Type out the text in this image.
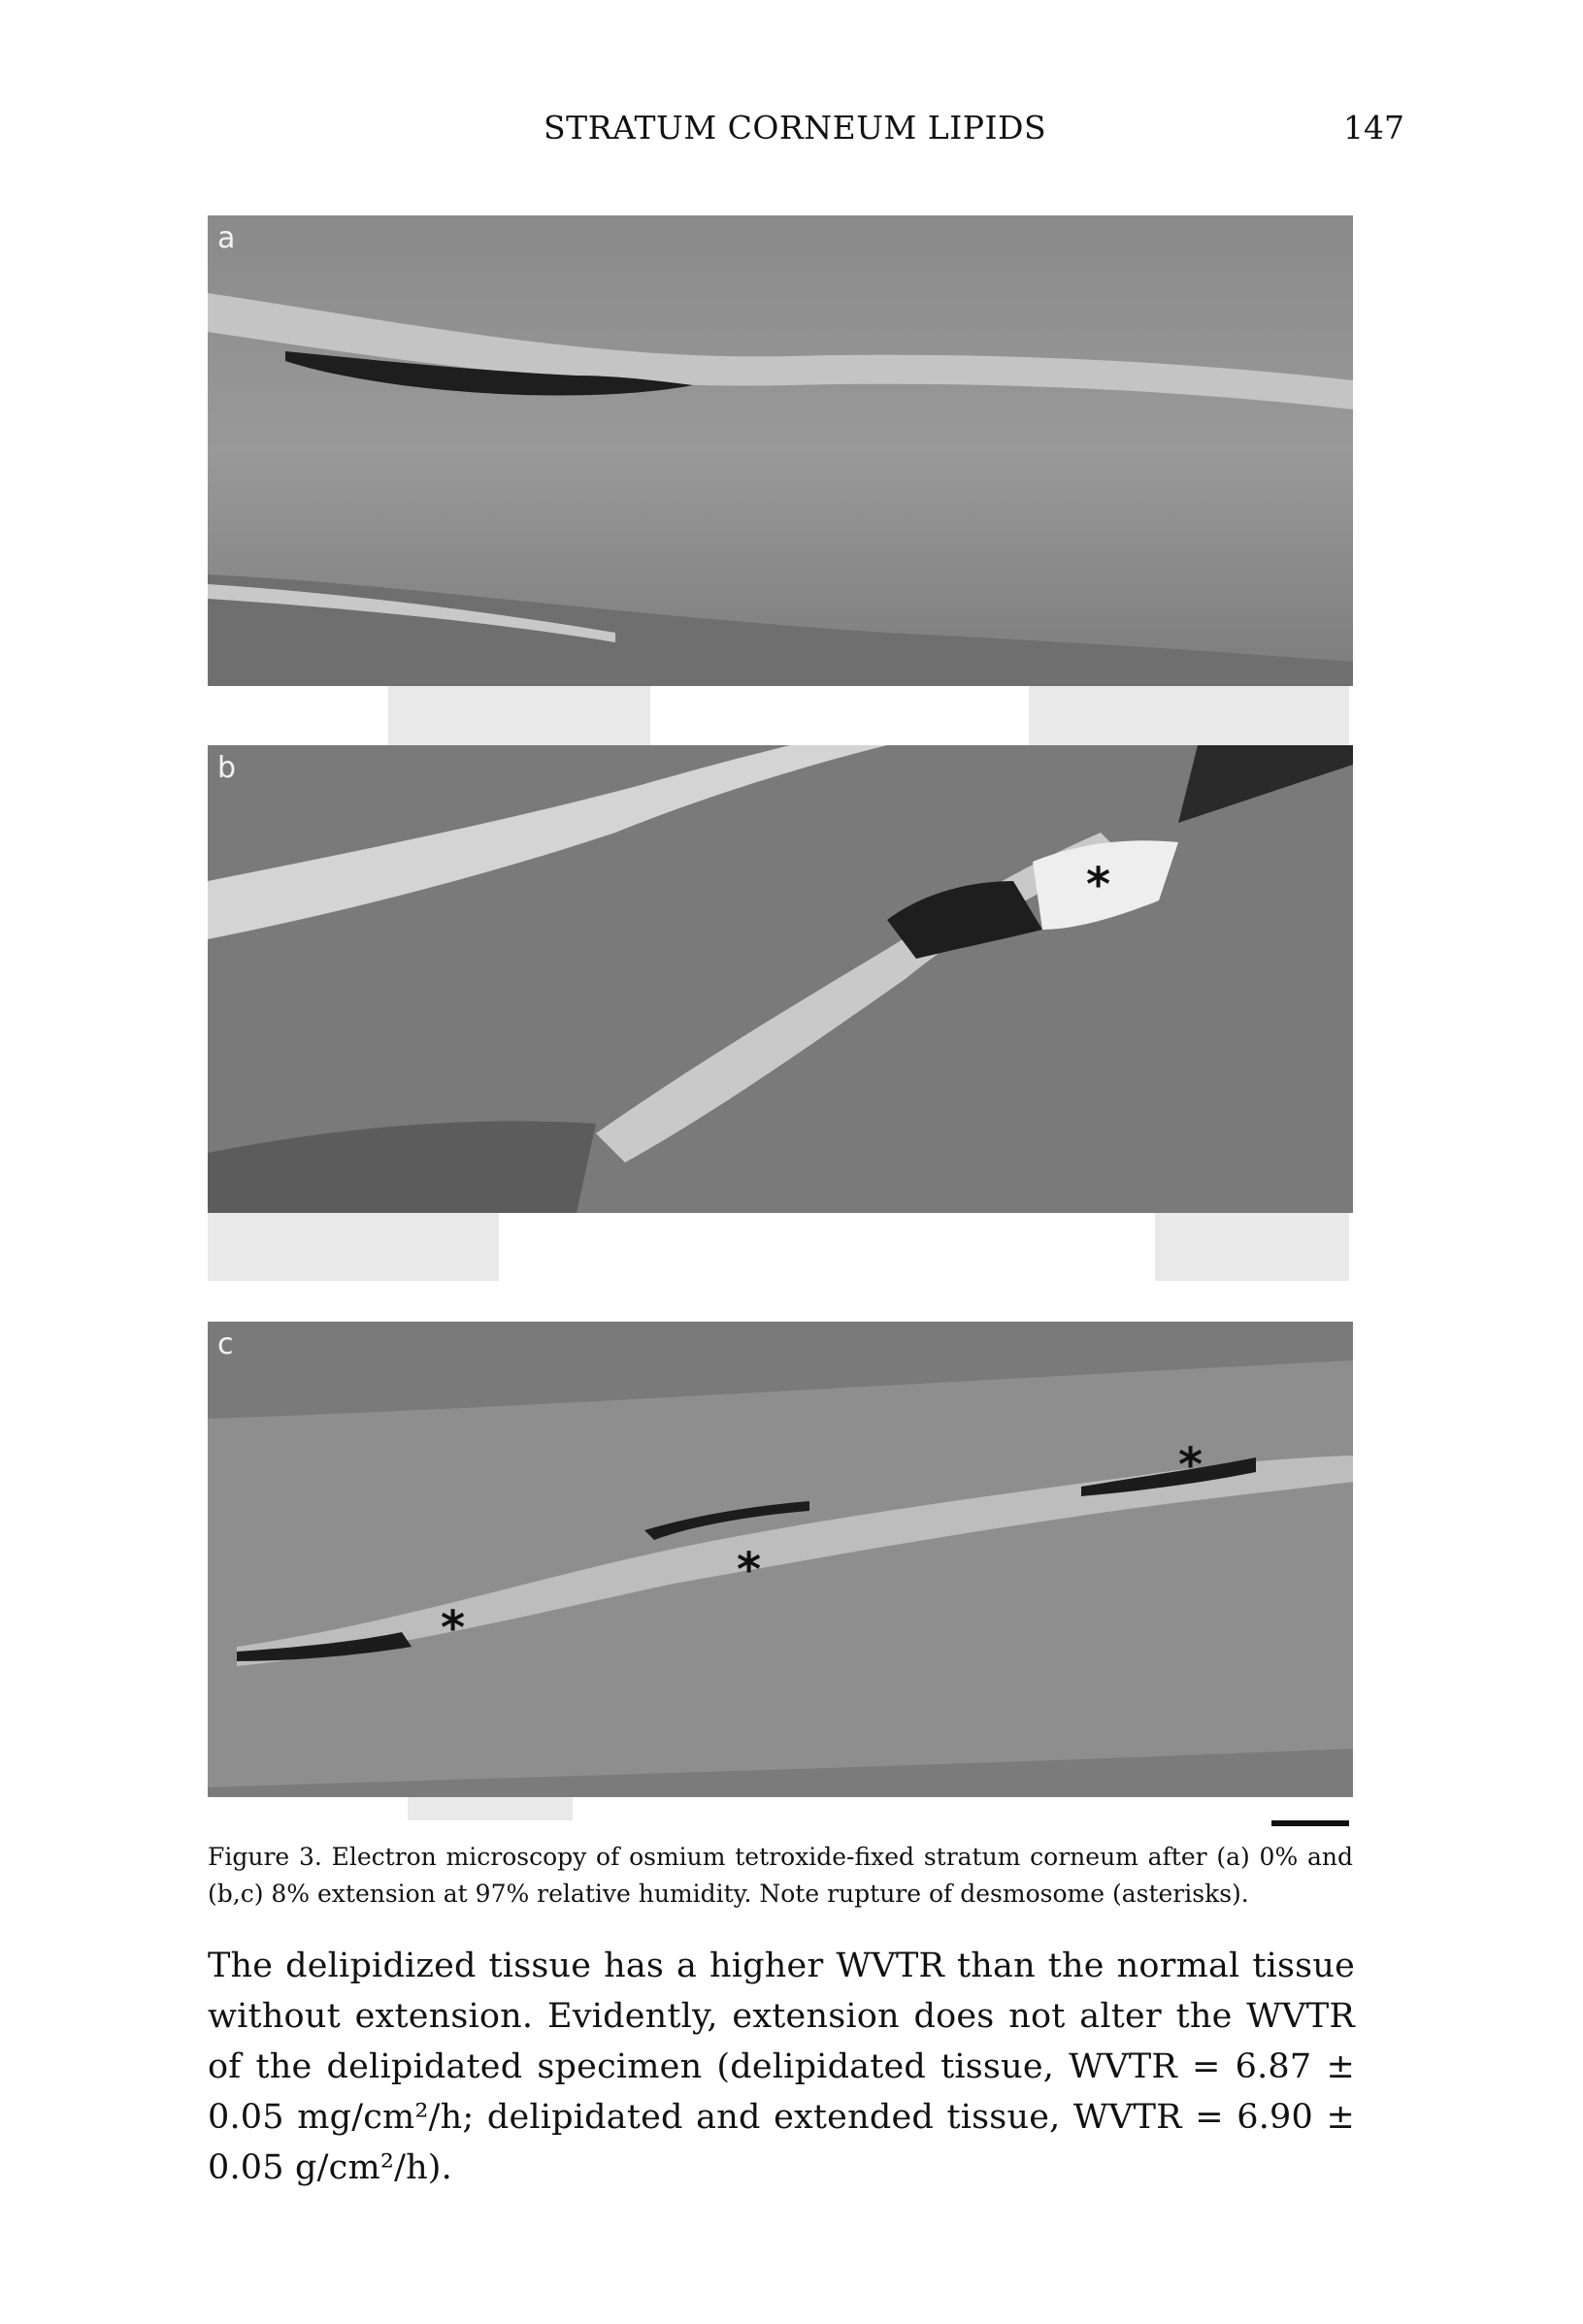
STRATUM CORNEUM LIPIDS	147
a
b
*
c
*
*
*
Figure 3. Electron microscopy of osmium tetroxide-fixed stratum corneum after (a) 0% and (b,c) 8% extension at 97% relative humidity. Note rupture of desmosome (asterisks).
The delipidized tissue has a higher WVTR than the normal tissue without extension. Evidently, extension does not alter the WVTR of the delipidated specimen (delipidated tissue, WVTR = 6.87 ± 0.05 mg/cm²/h; delipidated and extended tissue, WVTR = 6.90 ± 0.05 g/cm²/h).
